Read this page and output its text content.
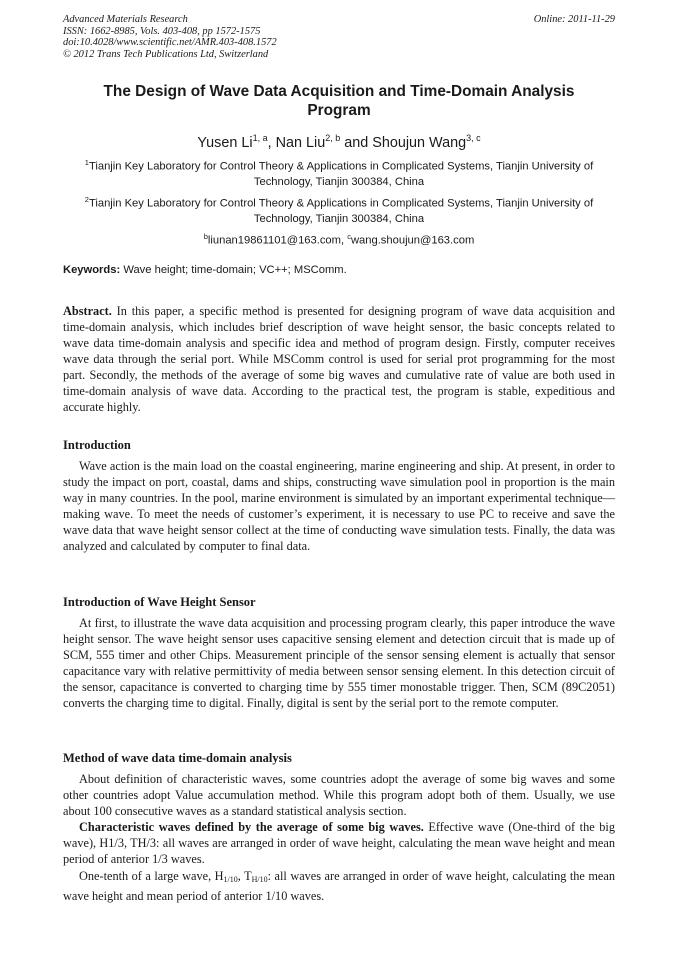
Advanced Materials Research
ISSN: 1662-8985, Vols. 403-408, pp 1572-1575
doi:10.4028/www.scientific.net/AMR.403-408.1572
© 2012 Trans Tech Publications Ltd, Switzerland
Online: 2011-11-29
The Design of Wave Data Acquisition and Time-Domain Analysis
Program
Yusen Li$^{1, a}$, Nan Liu$^{2, b}$ and Shoujun Wang$^{3, c}$
$^1$Tianjin Key Laboratory for Control Theory & Applications in Complicated Systems, Tianjin University of Technology, Tianjin 300384, China
$^2$Tianjin Key Laboratory for Control Theory & Applications in Complicated Systems, Tianjin University of Technology, Tianjin 300384, China
$^b$liunan19861101@163.com, $^c$wang.shoujun@163.com
Keywords: Wave height; time-domain; VC++; MSComm.

Abstract. In this paper, a specific method is presented for designing program of wave data acquisition and time-domain analysis, which includes brief description of wave height sensor, the basic concepts related to wave data time-domain analysis and specific idea and method of program design. Firstly, computer receives wave data through the serial port. While MSComm control is used for serial prot programming for the most part. Secondly, the methods of the average of some big waves and cumulative rate of value are both used in time-domain analysis of wave data. According to the practical test, the program is stable, expeditious and accurate highly.

Introduction

Wave action is the main load on the coastal engineering, marine engineering and ship. At present, in order to study the impact on port, coastal, dams and ships, constructing wave simulation pool in proportion is the main way in many countries. In the pool, marine environment is simulated by an important experimental technique—making wave. To meet the needs of customer’s experiment, it is necessary to use PC to receive and save the wave data that wave height sensor collect at the time of conducting wave simulation tests. Finally, the data was analyzed and calculated by computer to final data.

Introduction of Wave Height Sensor

At first, to illustrate the wave data acquisition and processing program clearly, this paper introduce the wave height sensor. The wave height sensor uses capacitive sensing element and detection circuit that is made up of SCM, 555 timer and other Chips. Measurement principle of the sensor sensing element is actually that sensor capacitance vary with relative permittivity of media between sensor sensing element. In this detection circuit of the sensor, capacitance is converted to charging time by 555 timer monostable trigger. Then, SCM (89C2051) converts the charging time to digital. Finally, digital is sent by the serial port to the remote computer.

Method of wave data time-domain analysis

About definition of characteristic waves, some countries adopt the average of some big waves and some other countries adopt Value accumulation method. While this program adopt both of them. Usually, we use about 100 consecutive waves as a standard statistical analysis section.

Characteristic waves defined by the average of some big waves. Effective wave (One-third of the big wave), H1/3, TH/3: all waves are arranged in order of wave height, calculating the mean wave height and mean period of anterior 1/3 waves.

One-tenth of a large wave, $H_{1/10}$, $T_{H/10}$: all waves are arranged in order of wave height, calculating the mean wave height and mean period of anterior 1/10 waves.
